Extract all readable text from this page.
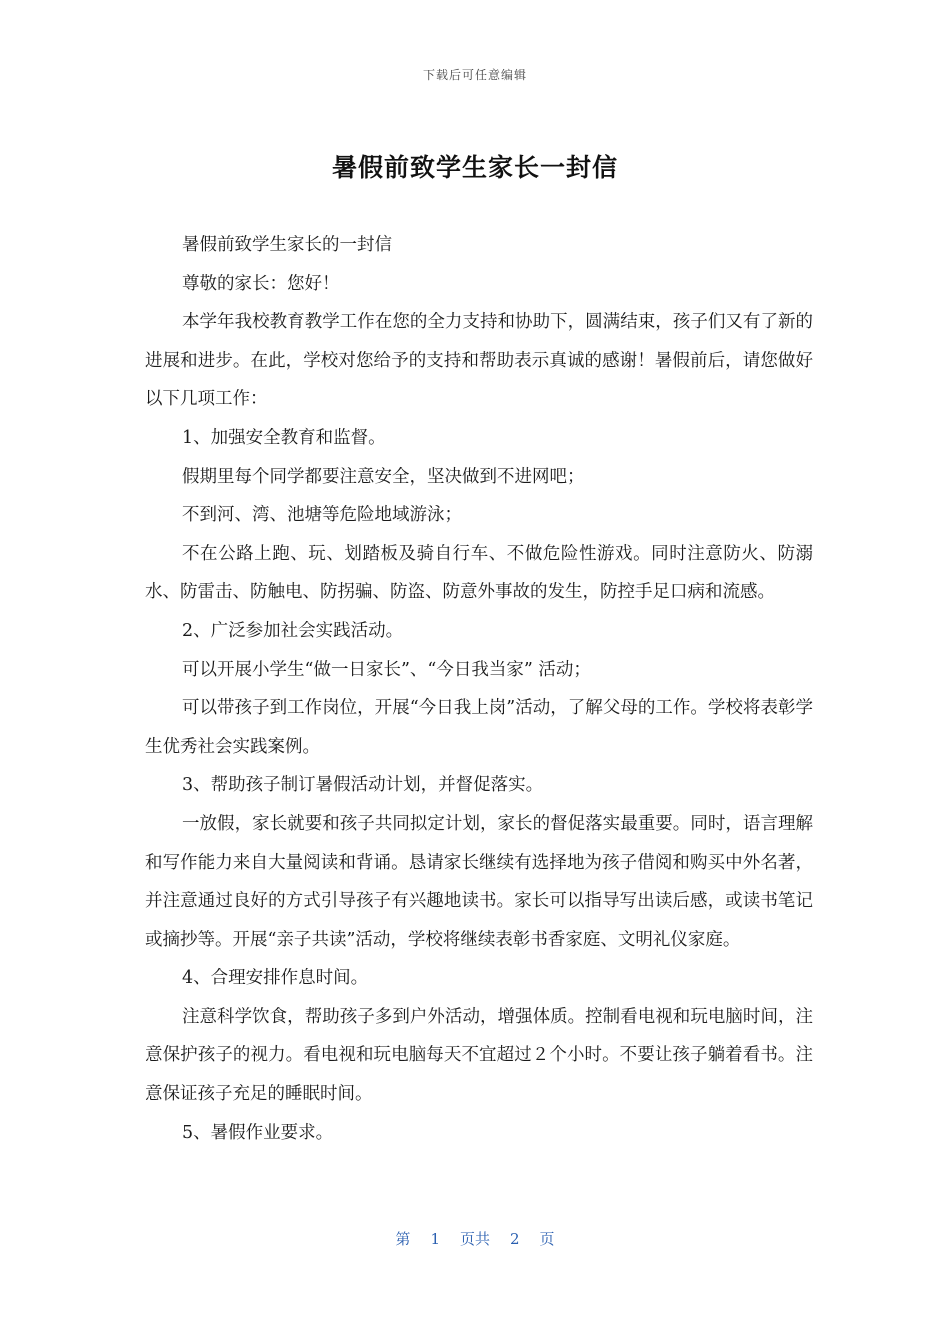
下载后可任意编辑
暑假前致学生家长一封信

暑假前致学生家长的一封信

尊敬的家长：您好！

本学年我校教育教学工作在您的全力支持和协助下，圆满结束，孩子们又有了新的进展和进步。在此，学校对您给予的支持和帮助表示真诚的感谢！暑假前后，请您做好以下几项工作：

1、加强安全教育和监督。

假期里每个同学都要注意安全，坚决做到不进网吧；

不到河、湾、池塘等危险地域游泳；

不在公路上跑、玩、划踏板及骑自行车、不做危险性游戏。同时注意防火、防溺水、防雷击、防触电、防拐骗、防盗、防意外事故的发生，防控手足口病和流感。

2、广泛参加社会实践活动。

可以开展小学生“做一日家长”、“今日我当家” 活动；

可以带孩子到工作岗位，开展“今日我上岗”活动，了解父母的工作。学校将表彰学生优秀社会实践案例。

3、帮助孩子制订暑假活动计划，并督促落实。

一放假，家长就要和孩子共同拟定计划，家长的督促落实最重要。同时，语言理解和写作能力来自大量阅读和背诵。恳请家长继续有选择地为孩子借阅和购买中外名著，并注意通过良好的方式引导孩子有兴趣地读书。家长可以指导写出读后感，或读书笔记或摘抄等。开展“亲子共读”活动，学校将继续表彰书香家庭、文明礼仪家庭。

4、合理安排作息时间。

注意科学饮食，帮助孩子多到户外活动，增强体质。控制看电视和玩电脑时间，注意保护孩子的视力。看电视和玩电脑每天不宜超过２个小时。不要让孩子躺着看书。注意保证孩子充足的睡眠时间。

5、暑假作业要求。

第 1 页共 2 页
